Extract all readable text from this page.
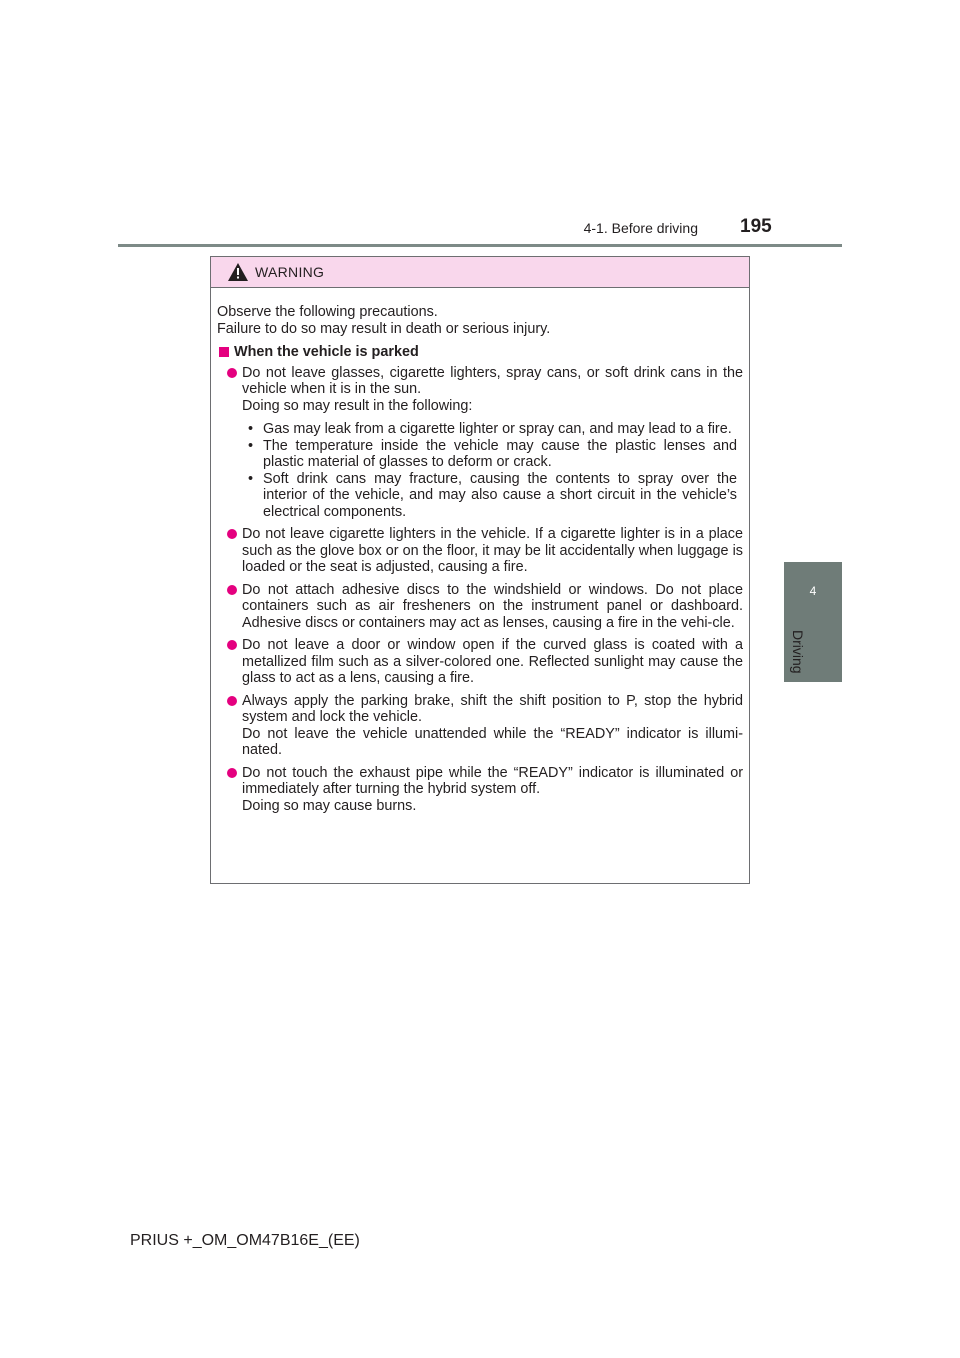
4-1. Before driving 195
4
Driving
WARNING

Observe the following precautions.

Failure to do so may result in death or serious injury.

When the vehicle is parked

Do not leave glasses, cigarette lighters, spray cans, or soft drink cans in the vehicle when it is in the sun.

Doing so may result in the following:

• Gas may leak from a cigarette lighter or spray can, and may lead to a fire.
• The temperature inside the vehicle may cause the plastic lenses and plastic material of glasses to deform or crack.
• Soft drink cans may fracture, causing the contents to spray over the interior of the vehicle, and may also cause a short circuit in the vehicle’s electrical components.

Do not leave cigarette lighters in the vehicle. If a cigarette lighter is in a place such as the glove box or on the floor, it may be lit accidentally when luggage is loaded or the seat is adjusted, causing a fire.

Do not attach adhesive discs to the windshield or windows. Do not place containers such as air fresheners on the instrument panel or dashboard. Adhesive discs or containers may act as lenses, causing a fire in the vehi-cle.

Do not leave a door or window open if the curved glass is coated with a metallized film such as a silver-colored one. Reflected sunlight may cause the glass to act as a lens, causing a fire.

Always apply the parking brake, shift the shift position to P, stop the hybrid system and lock the vehicle.

Do not leave the vehicle unattended while the “READY” indicator is illumi-nated.

Do not touch the exhaust pipe while the “READY” indicator is illuminated or immediately after turning the hybrid system off.

Doing so may cause burns.

PRIUS +_OM_OM47B16E_(EE)
